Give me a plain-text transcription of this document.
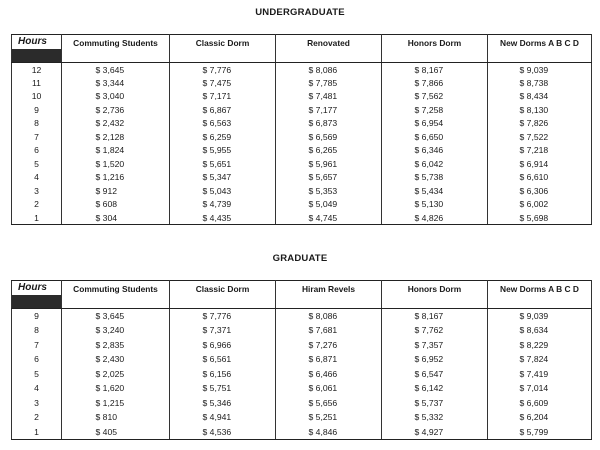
UNDERGRADUATE
Hours	Commuting Students	Classic Dorm	Renovated	Honors Dorm	New Dorms A B C D

12	$ 3,645	$ 7,776	$ 8,086	$ 8,167	$ 9,039
11	$ 3,344	$ 7,475	$ 7,785	$ 7,866	$ 8,738
10	$ 3,040	$ 7,171	$ 7,481	$ 7,562	$ 8,434
9	$ 2,736	$ 6,867	$ 7,177	$ 7,258	$ 8,130
8	$ 2,432	$ 6,563	$ 6,873	$ 6,954	$ 7,826
7	$ 2,128	$ 6,259	$ 6,569	$ 6,650	$ 7,522
6	$ 1,824	$ 5,955	$ 6,265	$ 6,346	$ 7,218
5	$ 1,520	$ 5,651	$ 5,961	$ 6,042	$ 6,914
4	$ 1,216	$ 5,347	$ 5,657	$ 5,738	$ 6,610
3	$ 912	$ 5,043	$ 5,353	$ 5,434	$ 6,306
2	$ 608	$ 4,739	$ 5,049	$ 5,130	$ 6,002
1	$ 304	$ 4,435	$ 4,745	$ 4,826	$ 5,698
GRADUATE
Hours	Commuting Students	Classic Dorm	Hiram Revels	Honors Dorm	New Dorms A B C D

9	$ 3,645	$ 7,776	$ 8,086	$ 8,167	$ 9,039
8	$ 3,240	$ 7,371	$ 7,681	$ 7,762	$ 8,634
7	$ 2,835	$ 6,966	$ 7,276	$ 7,357	$ 8,229
6	$ 2,430	$ 6,561	$ 6,871	$ 6,952	$ 7,824
5	$ 2,025	$ 6,156	$ 6,466	$ 6,547	$ 7,419
4	$ 1,620	$ 5,751	$ 6,061	$ 6,142	$ 7,014
3	$ 1,215	$ 5,346	$ 5,656	$ 5,737	$ 6,609
2	$ 810	$ 4,941	$ 5,251	$ 5,332	$ 6,204
1	$ 405	$ 4,536	$ 4,846	$ 4,927	$ 5,799
